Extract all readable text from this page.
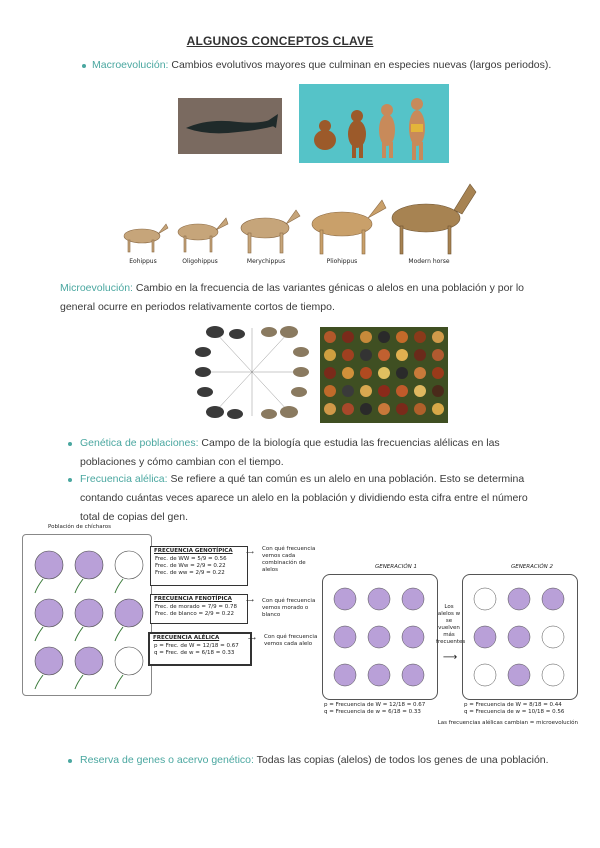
ALGUNOS CONCEPTOS CLAVE
Macroevolución: Cambios evolutivos mayores que culminan en especies nuevas (largos periodos).
Eohippus	Oligohippus	Merychippus	Pliohippus	Modern horse
Microevolución: Cambio en la frecuencia de las variantes génicas o alelos en una población y por lo general ocurre en periodos relativamente cortos de tiempo.
Genética de poblaciones: Campo de la biología que estudia las frecuencias alélicas en las poblaciones y cómo cambian con el tiempo.
Frecuencia alélica: Se refiere a qué tan común es un alelo en una población. Esto se determina contando cuántas veces aparece un alelo en la población y dividiendo esta cifra entre el número total de copias del gen.
Población de chícharos
FRECUENCIA GENOTÍPICA
Frec. de WW = 5/9 = 0.56
Frec. de Ww = 2/9 = 0.22
Frec. de ww = 2/9 = 0.22
⟶
Con qué frecuencia vemos cada combinación de alelos
FRECUENCIA FENOTÍPICA
Frec. de morado = 7/9 = 0.78
Frec. de blanco = 2/9 = 0.22
⟶	Con qué frecuencia vemos morado o blanco
FRECUENCIA ALÉLICA
p = Frec. de W = 12/18 = 0.67
q = Frec. de w = 6/18 = 0.33
⟶	Con qué frecuencia vemos cada alelo
GENERACIÓN 1
p = Frecuencia de W = 12/18 = 0.67
q = Frecuencia de w = 6/18 = 0.33
Los alelos w se vuelven más frecuentes
⟶
GENERACIÓN 2
p = Frecuencia de W = 8/18 = 0.44
q = Frecuencia de w = 10/18 = 0.56
Las frecuencias alélicas cambian = microevolución
Reserva de genes o acervo genético: Todas las copias (alelos) de todos los genes de una población.
